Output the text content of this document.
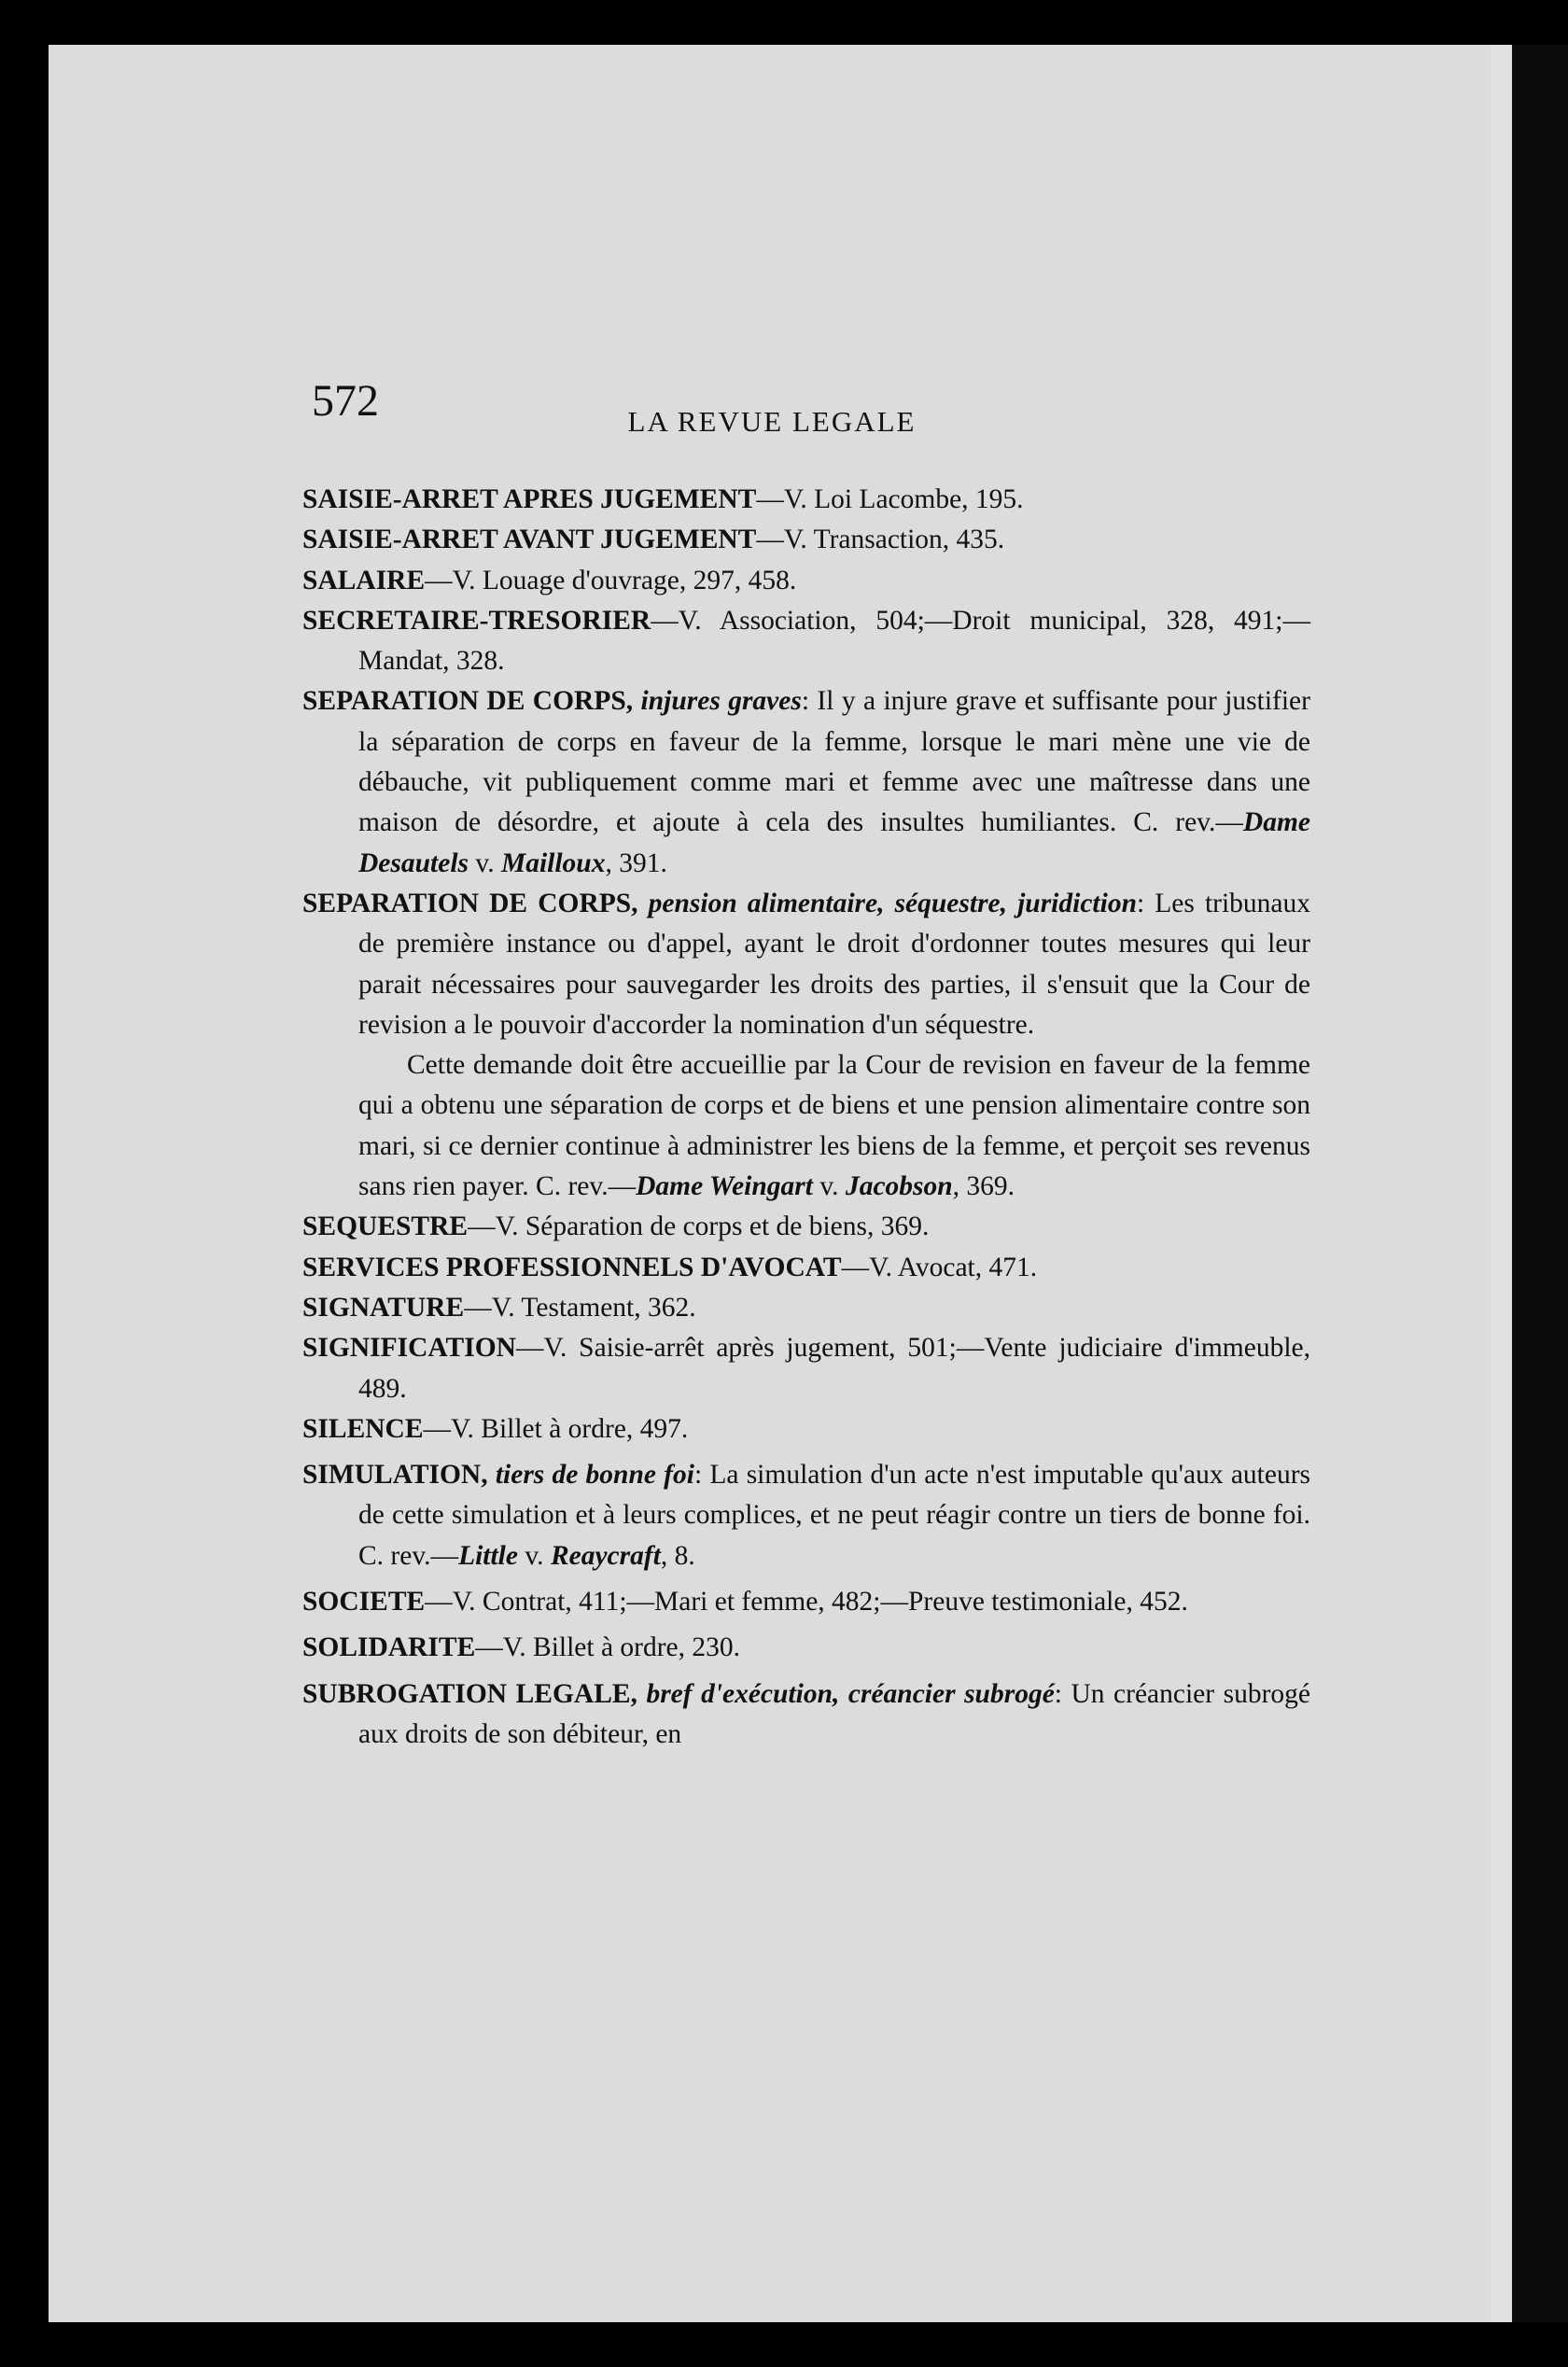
572	LA REVUE LEGALE

SAISIE-ARRET APRES JUGEMENT—V. Loi Lacombe, 195.

SAISIE-ARRET AVANT JUGEMENT—V. Transaction, 435.

SALAIRE—V. Louage d'ouvrage, 297, 458.

SECRETAIRE-TRESORIER—V. Association, 504;—Droit municipal, 328, 491;—Mandat, 328.

SEPARATION DE CORPS, injures graves: Il y a injure grave et suffisante pour justifier la séparation de corps en faveur de la femme, lorsque le mari mène une vie de débauche, vit publiquement comme mari et femme avec une maîtresse dans une maison de désordre, et ajoute à cela des insultes humiliantes. C. rev.—Dame Desautels v. Mailloux, 391.

SEPARATION DE CORPS, pension alimentaire, séquestre, juridiction: Les tribunaux de première instance ou d'appel, ayant le droit d'ordonner toutes mesures qui leur parait nécessaires pour sauvegarder les droits des parties, il s'ensuit que la Cour de revision a le pouvoir d'accorder la nomination d'un séquestre.

Cette demande doit être accueillie par la Cour de revision en faveur de la femme qui a obtenu une séparation de corps et de biens et une pension alimentaire contre son mari, si ce dernier continue à administrer les biens de la femme, et perçoit ses revenus sans rien payer. C. rev.—Dame Weingart v. Jacobson, 369.

SEQUESTRE—V. Séparation de corps et de biens, 369.

SERVICES PROFESSIONNELS D'AVOCAT—V. Avocat, 471.

SIGNATURE—V. Testament, 362.

SIGNIFICATION—V. Saisie-arrêt après jugement, 501;—Vente judiciaire d'immeuble, 489.

SILENCE—V. Billet à ordre, 497.

SIMULATION, tiers de bonne foi: La simulation d'un acte n'est imputable qu'aux auteurs de cette simulation et à leurs complices, et ne peut réagir contre un tiers de bonne foi. C. rev.—Little v. Reaycraft, 8.

SOCIETE—V. Contrat, 411;—Mari et femme, 482;—Preuve testimoniale, 452.

SOLIDARITE—V. Billet à ordre, 230.

SUBROGATION LEGALE, bref d'exécution, créancier subrogé: Un créancier subrogé aux droits de son débiteur, en
